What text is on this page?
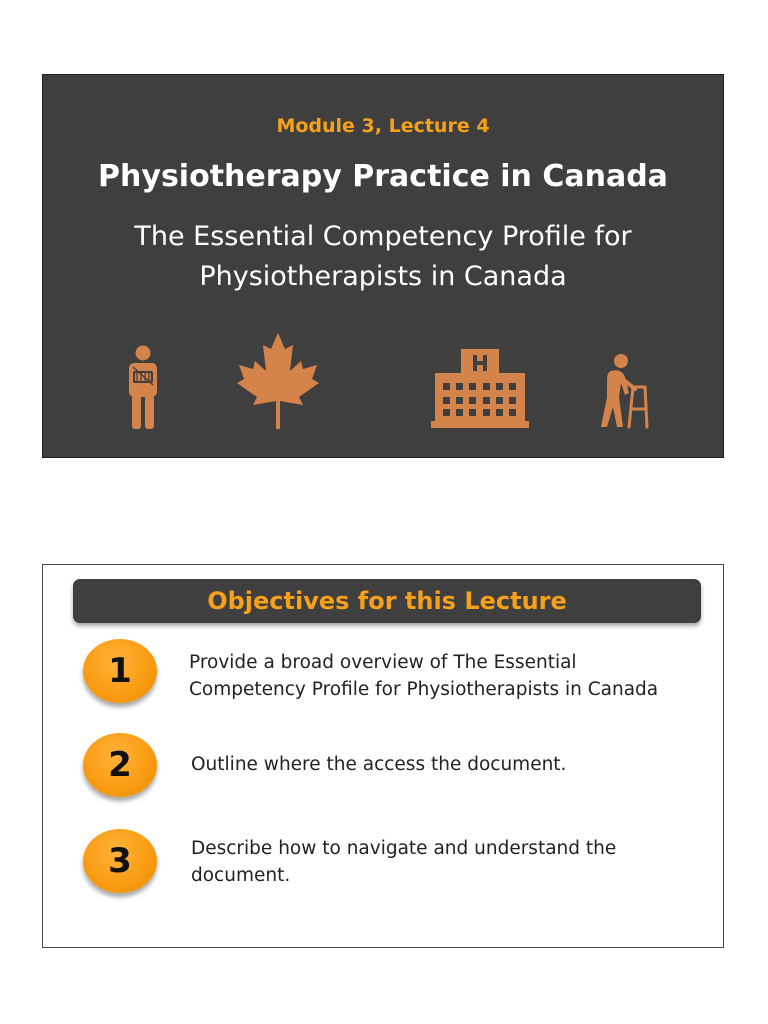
Module 3, Lecture 4
Physiotherapy Practice in Canada
The Essential Competency Profile for Physiotherapists in Canada
Objectives for this Lecture
1	Provide a broad overview of The Essential Competency Profile for Physiotherapists in Canada
2	Outline where the access the document.
3	Describe how to navigate and understand the document.
